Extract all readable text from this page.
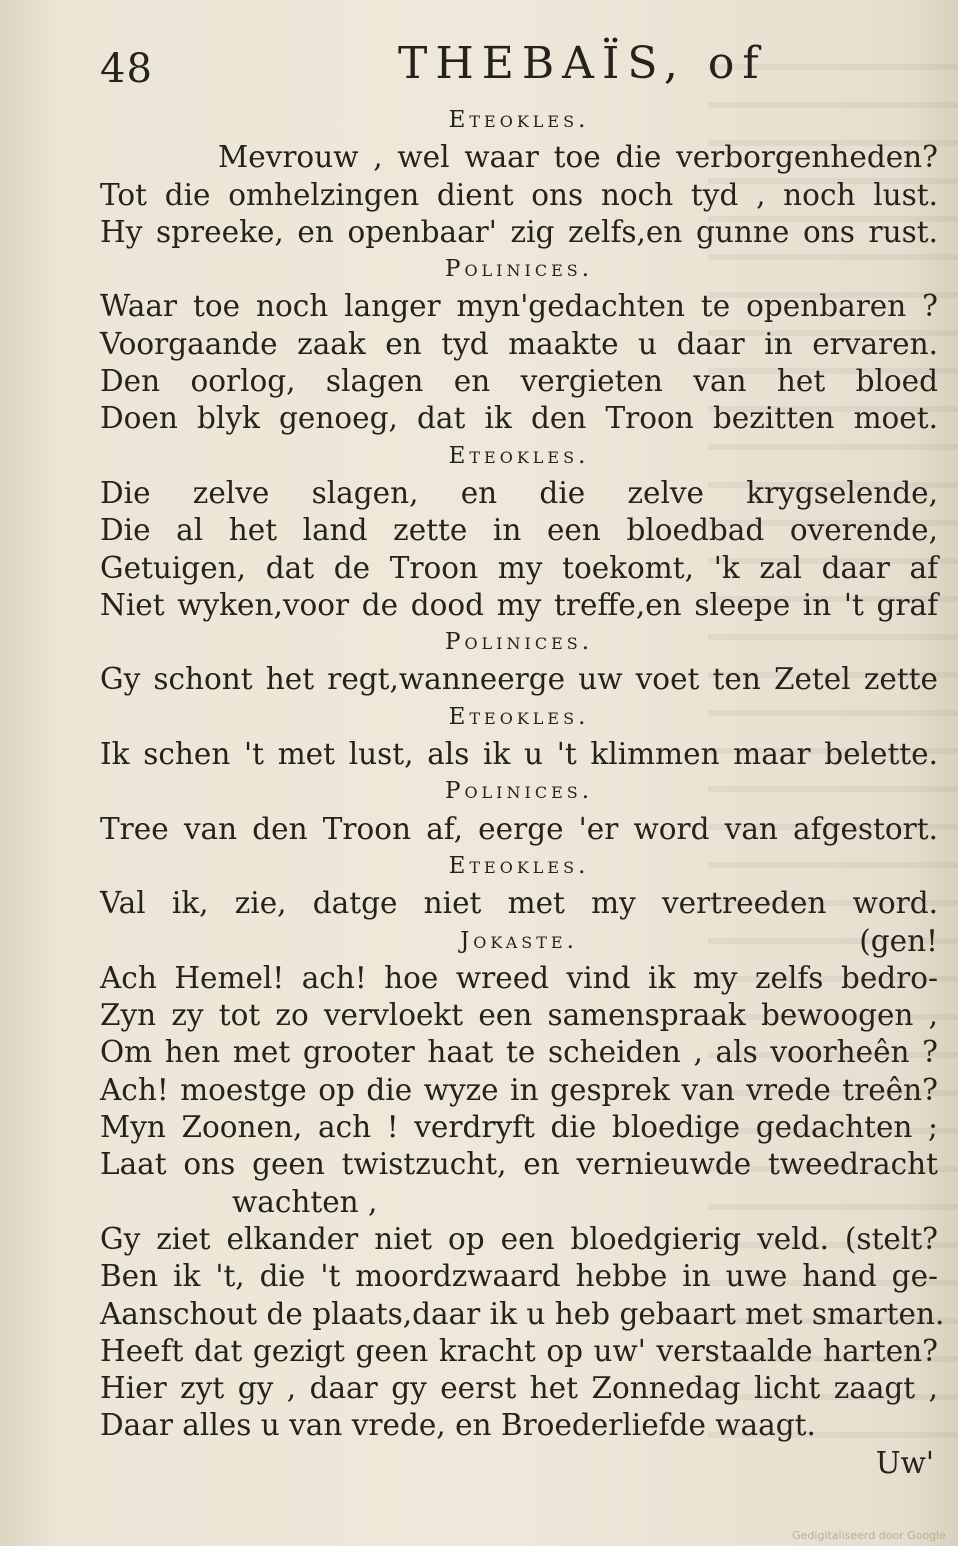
48	THEBAÏS, of
Eteokles.
Mevrouw , wel waar toe die verborgenheden?
Tot die omhelzingen dient ons noch tyd , noch lust.
Hy spreeke, en openbaar' zig zelfs,en gunne ons rust.
Polinices.
Waar toe noch langer myn'gedachten te openbaren ?
Voorgaande zaak en tyd maakte u daar in ervaren.
Den oorlog, slagen en vergieten van het bloed
Doen blyk genoeg, dat ik den Troon bezitten moet.
Eteokles.
Die zelve slagen, en die zelve krygselende,
Die al het land zette in een bloedbad overende,
Getuigen, dat de Troon my toekomt, 'k zal daar af
Niet wyken,voor de dood my treffe,en sleepe in 't graf
Polinices.
Gy schont het regt,wanneerge uw voet ten Zetel zette
Eteokles.
Ik schen 't met lust, als ik u 't klimmen maar belette.
Polinices.
Tree van den Troon af, eerge 'er word van afgestort.
Eteokles.
Val ik, zie, datge niet met my vertreeden word.
Jokaste.	(gen!
Ach Hemel! ach! hoe wreed vind ik my zelfs bedro-
Zyn zy tot zo vervloekt een samenspraak bewoogen ,
Om hen met grooter haat te scheiden , als voorheên ?
Ach! moestge op die wyze in gesprek van vrede treên?
Myn Zoonen, ach ! verdryft die bloedige gedachten ;
Laat ons geen twistzucht, en vernieuwde tweedracht
wachten ,
Gy ziet elkander niet op een bloedgierig veld. (stelt?
Ben ik 't, die 't moordzwaard hebbe in uwe hand ge-
Aanschout de plaats,daar ik u heb gebaart met smarten.
Heeft dat gezigt geen kracht op uw' verstaalde harten?
Hier zyt gy , daar gy eerst het Zonnedag licht zaagt ,
Daar alles u van vrede, en Broederliefde waagt.
Uw'
Gedigitaliseerd door Google
